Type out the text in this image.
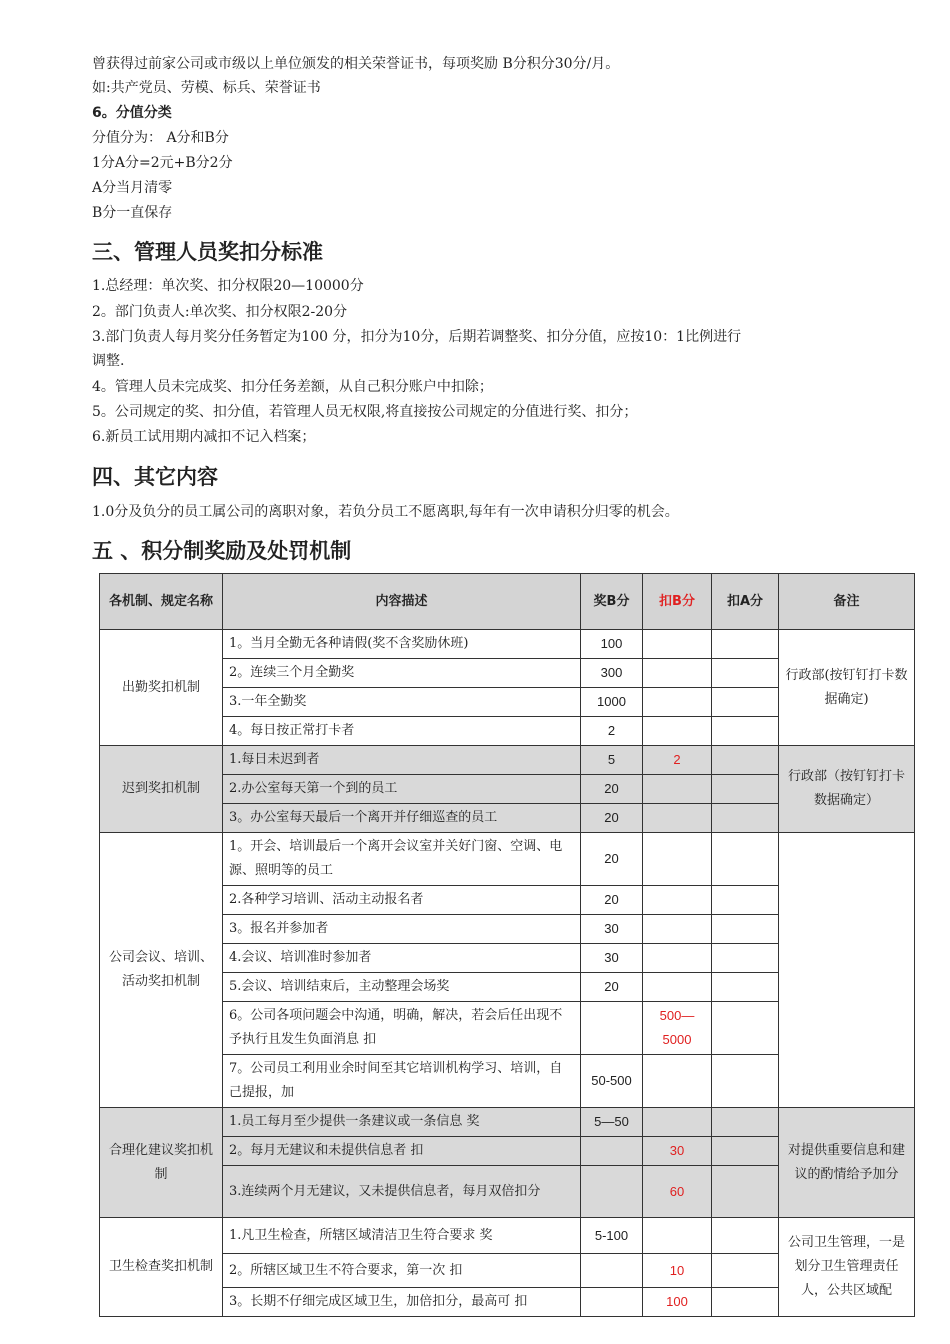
曾获得过前家公司或市级以上单位颁发的相关荣誉证书，每项奖励 B分积分30分/月。
如:共产党员、劳模、标兵、荣誉证书
6。分值分类
分值分为： A分和B分
1分A分=2元+B分2分
A分当月清零
B分一直保存
三、管理人员奖扣分标准
1.总经理：单次奖、扣分权限20—10000分
2。部门负责人:单次奖、扣分权限2-20分
3.部门负责人每月奖分任务暂定为100 分，扣分为10分，后期若调整奖、扣分分值，应按10：1比例进行
调整.
4。管理人员未完成奖、扣分任务差额，从自己积分账户中扣除；
5。公司规定的奖、扣分值，若管理人员无权限,将直接按公司规定的分值进行奖、扣分；
6.新员工试用期内减扣不记入档案；
四、其它内容
1.0分及负分的员工属公司的离职对象，若负分员工不愿离职,每年有一次申请积分归零的机会。
五 、积分制奖励及处罚机制
各机制、规定名称	内容描述	奖B分	扣B分	扣A分	备注
出勤奖扣机制	1。当月全勤无各种请假(奖不含奖励休班)	100			行政部(按钉钉打卡数据确定)
	2。连续三个月全勤奖	300			
	3.一年全勤奖	1000			
	4。每日按正常打卡者	2			
迟到奖扣机制	1.每日未迟到者	5	2		行政部（按钉钉打卡数据确定）
	2.办公室每天第一个到的员工	20			
	3。办公室每天最后一个离开并仔细巡查的员工	20			
公司会议、培训、活动奖扣机制	1。开会、培训最后一个离开会议室并关好门窗、空调、电源、照明等的员工	20			
	2.各种学习培训、活动主动报名者	20			
	3。报名并参加者	30			
	4.会议、培训准时参加者	30			
	5.会议、培训结束后，主动整理会场奖	20			
	6。公司各项问题会中沟通，明确，解决，若会后任出现不予执行且发生负面消息 扣		500—5000		
	7。公司员工利用业余时间至其它培训机构学习、培训，自己提报，加	50-500			
合理化建议奖扣机制	1.员工每月至少提供一条建议或一条信息 奖	5—50			对提供重要信息和建议的酌情给予加分
	2。每月无建议和未提供信息者 扣		30		
	3.连续两个月无建议，又未提供信息者，每月双倍扣分		60		
卫生检查奖扣机制	1.凡卫生检查，所辖区域清洁卫生符合要求 奖	5-100			公司卫生管理，一是划分卫生管理责任人，公共区域配
	2。所辖区域卫生不符合要求，第一次 扣		10		
	3。长期不仔细完成区域卫生，加倍扣分，最高可 扣		100		
